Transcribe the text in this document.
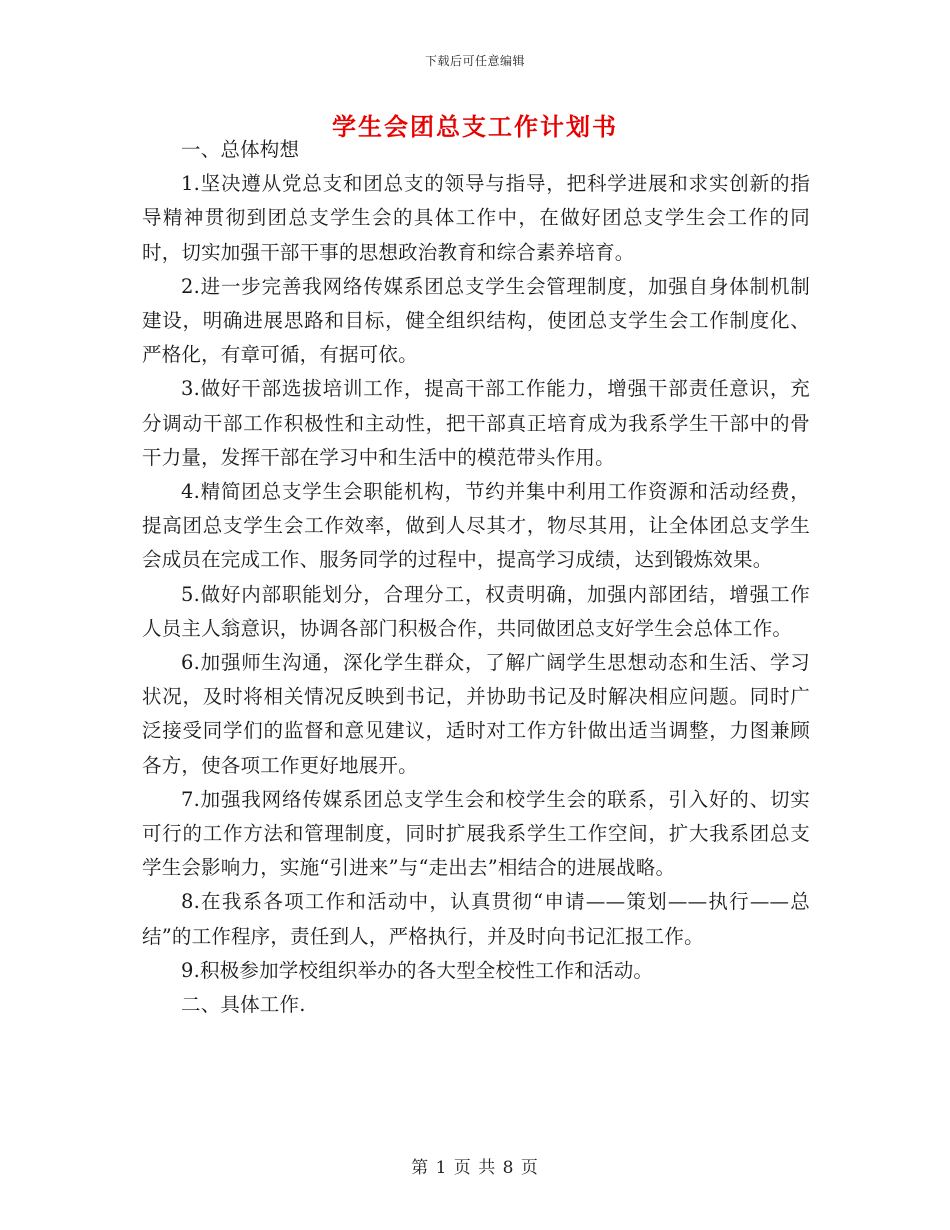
下载后可任意编辑
学生会团总支工作计划书

一、总体构想

1.坚决遵从党总支和团总支的领导与指导，把科学进展和求实创新的指导精神贯彻到团总支学生会的具体工作中，在做好团总支学生会工作的同时，切实加强干部干事的思想政治教育和综合素养培育。

2.进一步完善我网络传媒系团总支学生会管理制度，加强自身体制机制建设，明确进展思路和目标，健全组织结构，使团总支学生会工作制度化、严格化，有章可循，有据可依。

3.做好干部选拔培训工作，提高干部工作能力，增强干部责任意识，充分调动干部工作积极性和主动性，把干部真正培育成为我系学生干部中的骨干力量，发挥干部在学习中和生活中的模范带头作用。

4.精简团总支学生会职能机构，节约并集中利用工作资源和活动经费，提高团总支学生会工作效率，做到人尽其才，物尽其用，让全体团总支学生会成员在完成工作、服务同学的过程中，提高学习成绩，达到锻炼效果。

5.做好内部职能划分，合理分工，权责明确，加强内部团结，增强工作人员主人翁意识，协调各部门积极合作，共同做团总支好学生会总体工作。

6.加强师生沟通，深化学生群众，了解广阔学生思想动态和生活、学习状况，及时将相关情况反映到书记，并协助书记及时解决相应问题。同时广泛接受同学们的监督和意见建议，适时对工作方针做出适当调整，力图兼顾各方，使各项工作更好地展开。

7.加强我网络传媒系团总支学生会和校学生会的联系，引入好的、切实可行的工作方法和管理制度，同时扩展我系学生工作空间，扩大我系团总支学生会影响力，实施“引进来”与“走出去”相结合的进展战略。

8.在我系各项工作和活动中，认真贯彻“申请——策划——执行——总结”的工作程序，责任到人，严格执行，并及时向书记汇报工作。

9.积极参加学校组织举办的各大型全校性工作和活动。

二、具体工作.

第 1 页 共 8 页
